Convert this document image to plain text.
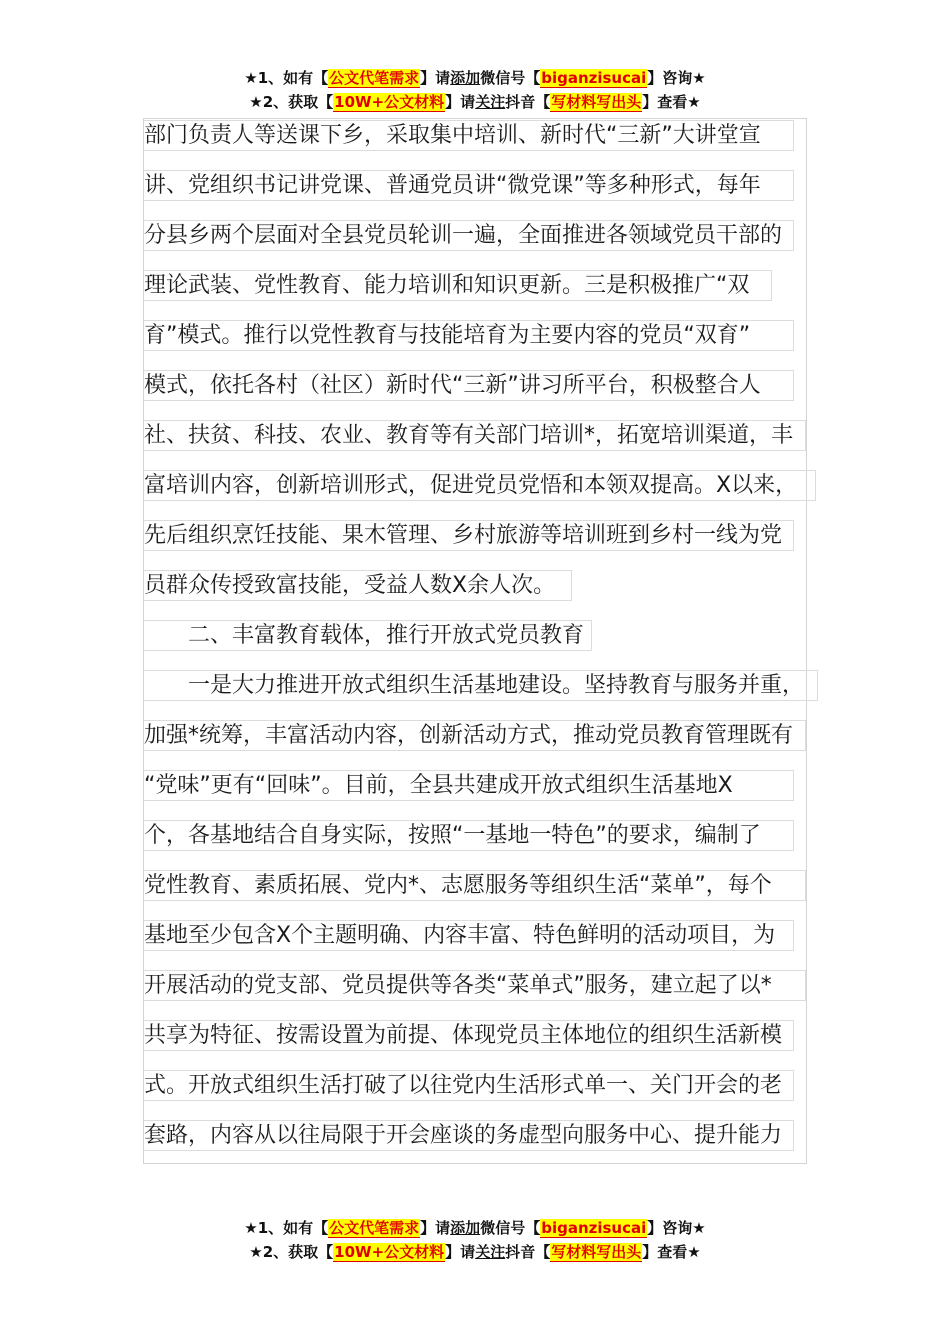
★1、如有【公文代笔需求】请添加微信号【biganzisucai】咨询★
★2、获取【10W+公文材料】请关注抖音【写材料写出头】查看★
部门负责人等送课下乡，采取集中培训、新时代“三新”大讲堂宣
讲、党组织书记讲党课、普通党员讲“微党课”等多种形式，每年
分县乡两个层面对全县党员轮训一遍，全面推进各领域党员干部的
理论武装、党性教育、能力培训和知识更新。三是积极推广“双
育”模式。推行以党性教育与技能培育为主要内容的党员“双育”
模式，依托各村（社区）新时代“三新”讲习所平台，积极整合人
社、扶贫、科技、农业、教育等有关部门培训*，拓宽培训渠道，丰
富培训内容，创新培训形式，促进党员党悟和本领双提高。X以来，
先后组织烹饪技能、果木管理、乡村旅游等培训班到乡村一线为党
员群众传授致富技能，受益人数X余人次。
　　二、丰富教育载体，推行开放式党员教育
　　一是大力推进开放式组织生活基地建设。坚持教育与服务并重，
加强*统筹，丰富活动内容，创新活动方式，推动党员教育管理既有
“党味”更有“回味”。目前，全县共建成开放式组织生活基地X
个，各基地结合自身实际，按照“一基地一特色”的要求，编制了
党性教育、素质拓展、党内*、志愿服务等组织生活“菜单”，每个
基地至少包含X个主题明确、内容丰富、特色鲜明的活动项目，为
开展活动的党支部、党员提供等各类“菜单式”服务，建立起了以*
共享为特征、按需设置为前提、体现党员主体地位的组织生活新模
式。开放式组织生活打破了以往党内生活形式单一、关门开会的老
套路，内容从以往局限于开会座谈的务虚型向服务中心、提升能力
★1、如有【公文代笔需求】请添加微信号【biganzisucai】咨询★
★2、获取【10W+公文材料】请关注抖音【写材料写出头】查看★
